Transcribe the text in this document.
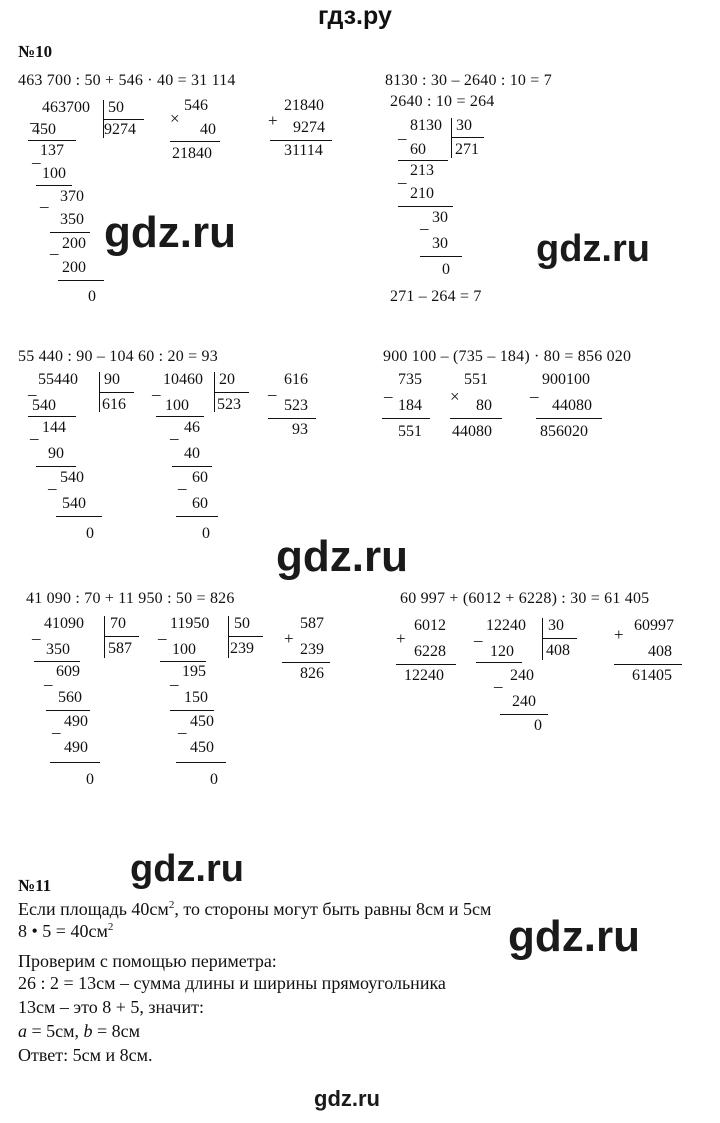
гдз.ру
№10
463 700 : 50 + 546 · 40 = 31 114	8130 : 30 – 2640 : 10 = 7
2640 : 10 = 264
_ 463700 50
9274
450
_ 137
100
_ 370
350
_ 200
200
0
546
×
40
21840
21840
+ 9274
31114
_ 8130 30
271
60
_ 213
210
_ 30
30
0
271 – 264 = 7
55 440 : 90 – 104 60 : 20 = 93	900 100 – (735 – 184) · 80 = 856 020
_ 55440 90
616
540
_ 144
90
_ 540
540
0
_ 10460 20
523
100
_ 46
40
_ 60
60
0
_ 616
523
93
_
735
184
551
551
× 80
44080
_
900100
44080
856020
41 090 : 70 + 11 950 : 50 = 826	60 997 + (6012 + 6228) : 30 = 61 405
_ 41090 70
587
350
_ 609
560
_ 490
490
0
_ 11950 50
239
100
_ 195
150
_ 450
450
0
587
+
239
826
+
6012
6228
12240
_ 12240 30
408
120
_ 240
240
0
+ 60997
408
61405
№11
Если площадь $40см^2$, то стороны могут быть равны 8см и 5см
8 • $5 = 40см^2$
Проверим с помощью периметра:
26 : 2 = 13см – сумма длины и ширины прямоугольника
13см – это 8 + 5, значит:
a = 5см, b = 8см
Ответ: 5см и 8см.
gdz.ru	gdz.ru
gdz.ru
gdz.ru
gdz.ru
gdz.ru
